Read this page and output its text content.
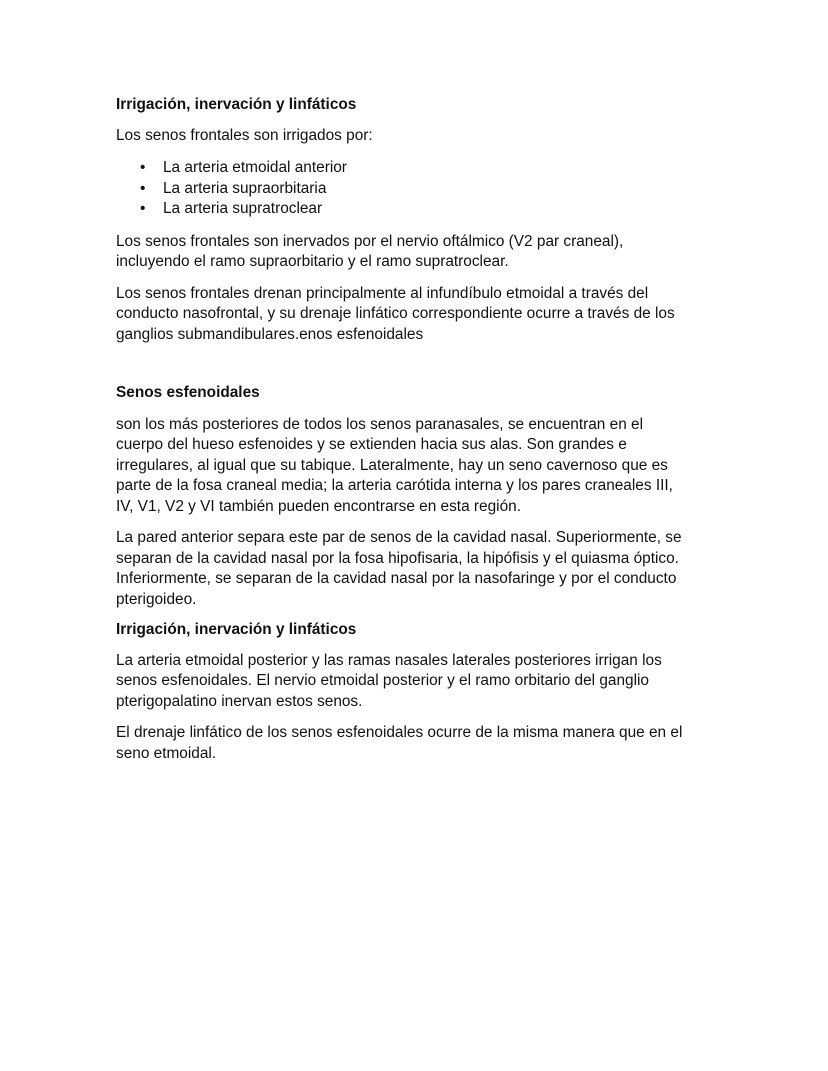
Irrigación, inervación y linfáticos

Los senos frontales son irrigados por:

• La arteria etmoidal anterior
• La arteria supraorbitaria
• La arteria supratroclear

Los senos frontales son inervados por el nervio oftálmico (V2 par craneal),
incluyendo el ramo supraorbitario y el ramo supratroclear.

Los senos frontales drenan principalmente al infundíbulo etmoidal a través del
conducto nasofrontal, y su drenaje linfático correspondiente ocurre a través de los
ganglios submandibulares.enos esfenoidales

Senos esfenoidales

son los más posteriores de todos los senos paranasales, se encuentran en el
cuerpo del hueso esfenoides y se extienden hacia sus alas. Son grandes e
irregulares, al igual que su tabique. Lateralmente, hay un seno cavernoso que es
parte de la fosa craneal media; la arteria carótida interna y los pares craneales III,
IV, V1, V2 y VI también pueden encontrarse en esta región.

La pared anterior separa este par de senos de la cavidad nasal. Superiormente, se
separan de la cavidad nasal por la fosa hipofisaria, la hipófisis y el quiasma óptico.
Inferiormente, se separan de la cavidad nasal por la nasofaringe y por el conducto
pterigoideo.

Irrigación, inervación y linfáticos

La arteria etmoidal posterior y las ramas nasales laterales posteriores irrigan los
senos esfenoidales. El nervio etmoidal posterior y el ramo orbitario del ganglio
pterigopalatino inervan estos senos.

El drenaje linfático de los senos esfenoidales ocurre de la misma manera que en el
seno etmoidal.
